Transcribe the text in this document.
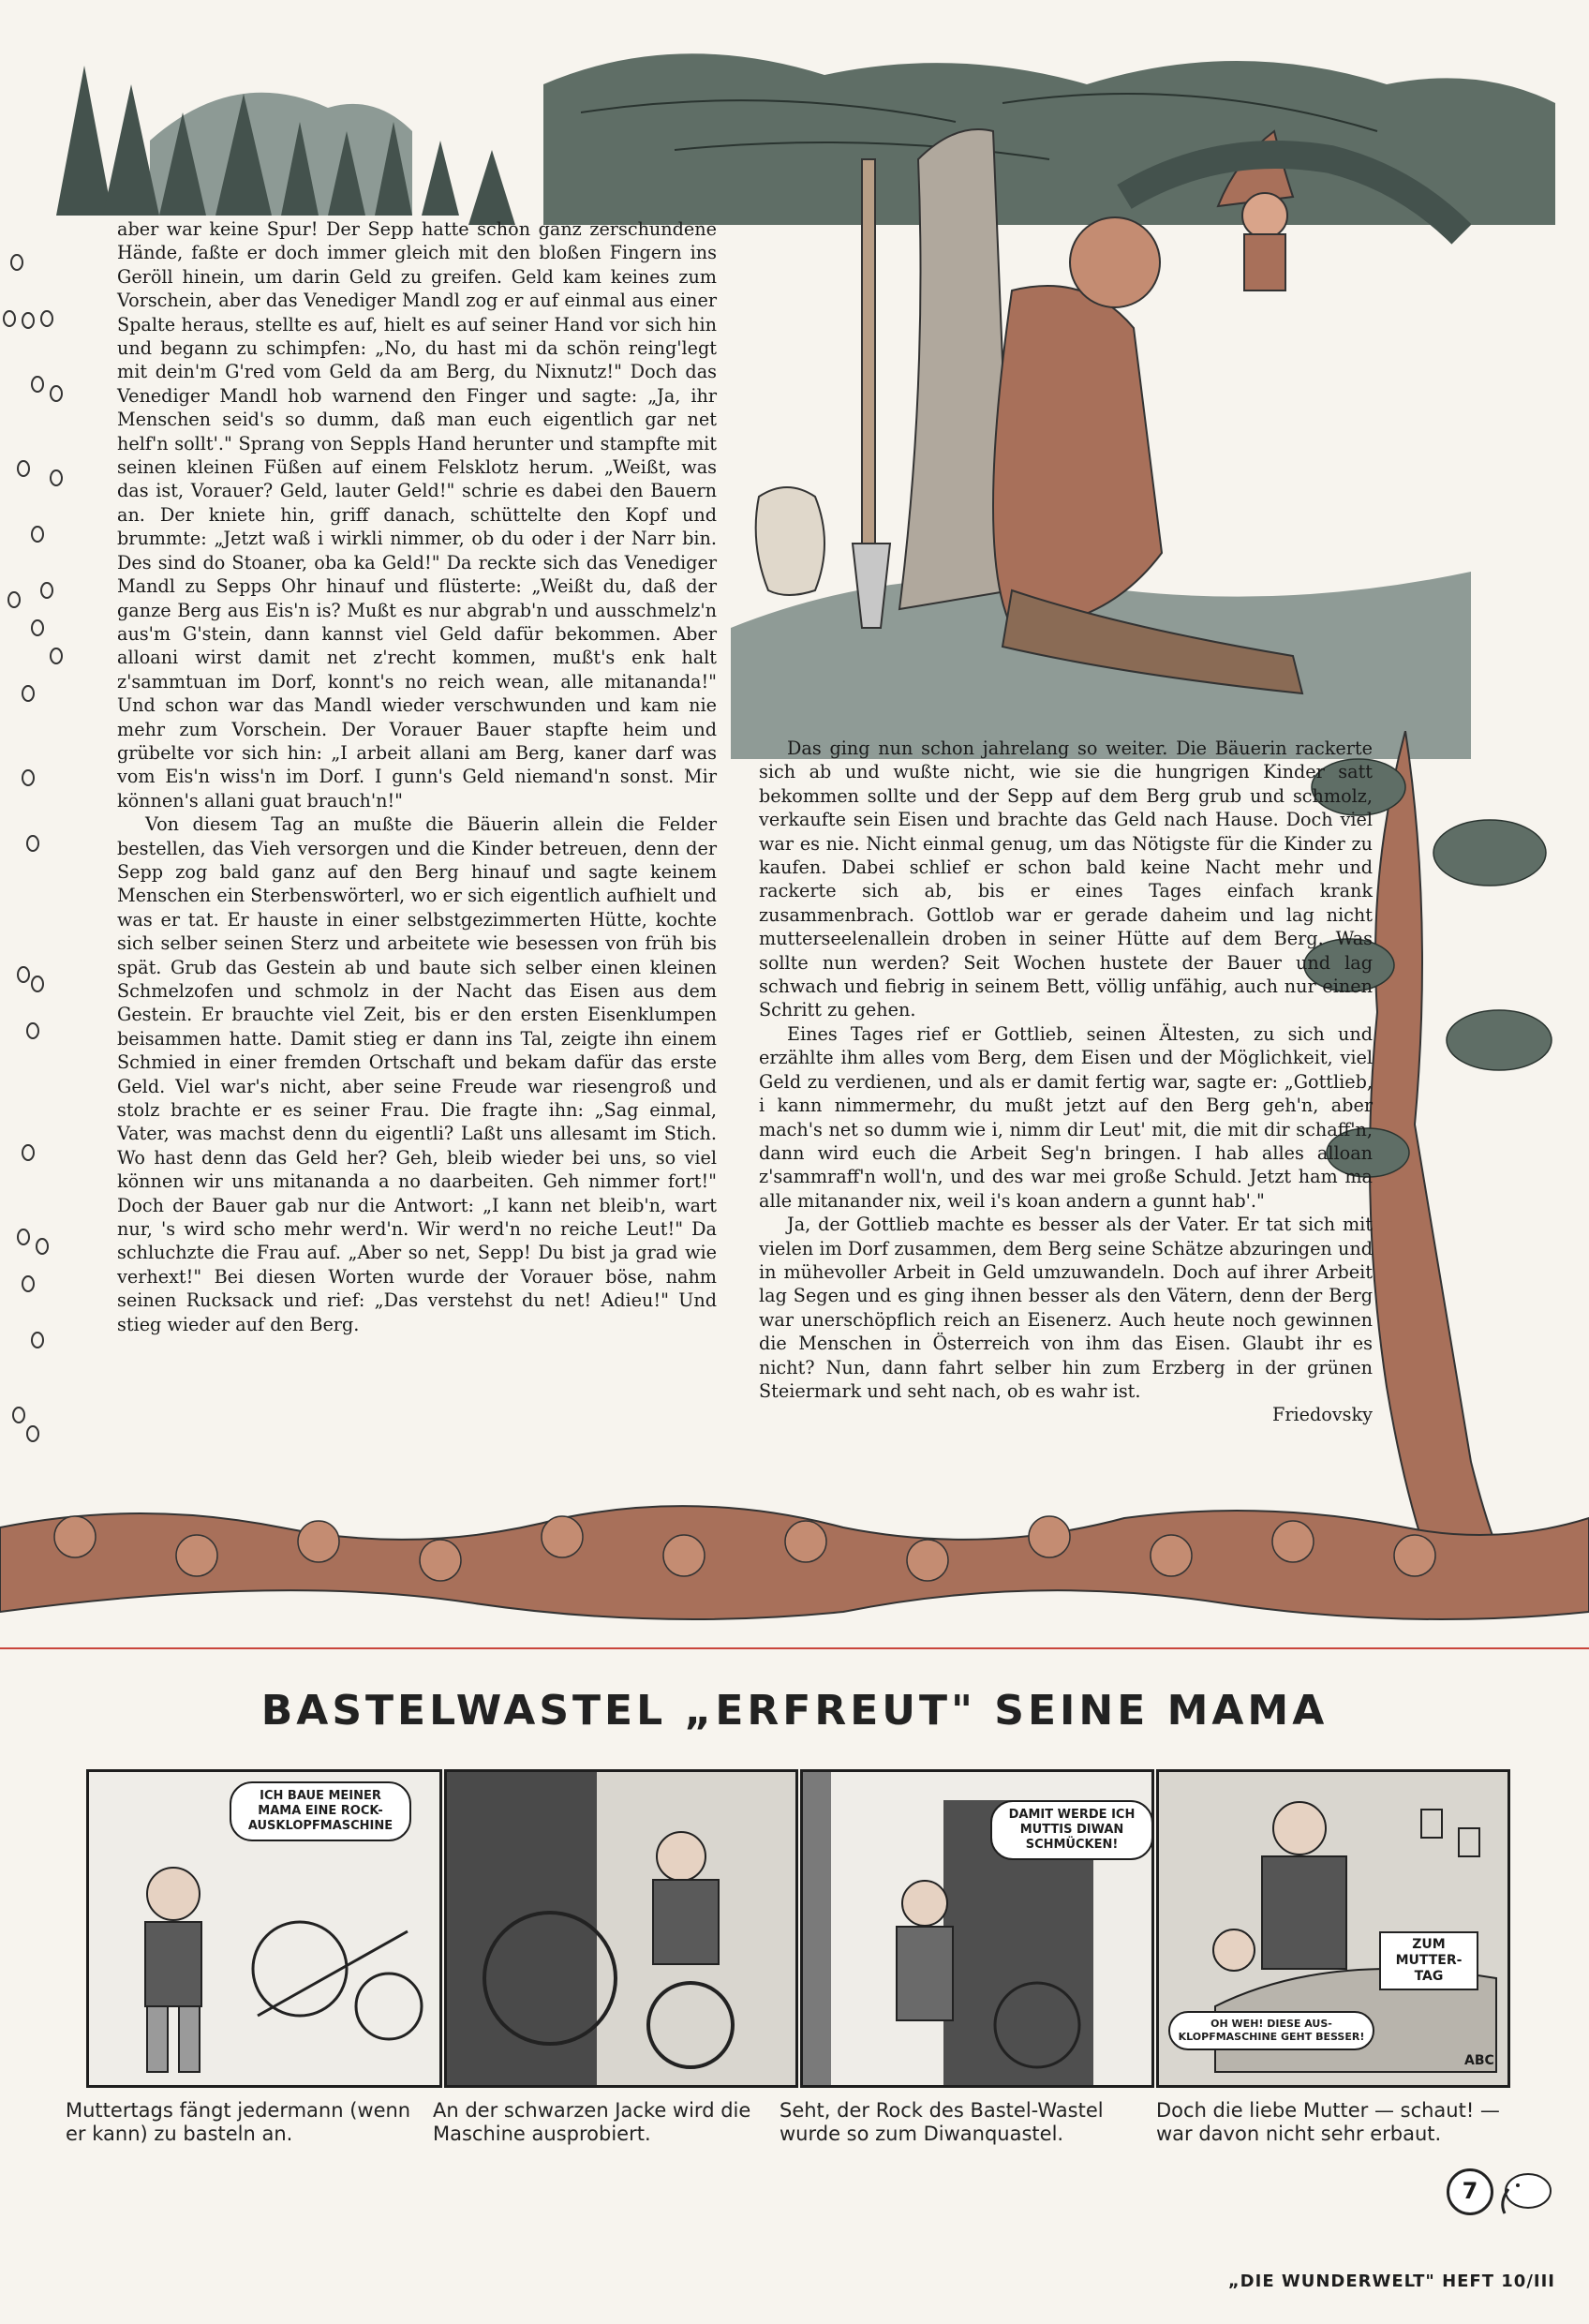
aber war keine Spur! Der Sepp hatte schon ganz zerschundene Hände, faßte er doch immer gleich mit den bloßen Fingern ins Geröll hinein, um darin Geld zu greifen. Geld kam keines zum Vorschein, aber das Venediger Mandl zog er auf einmal aus einer Spalte heraus, stellte es auf, hielt es auf seiner Hand vor sich hin und begann zu schimpfen: „No, du hast mi da schön reing'legt mit dein'm G'red vom Geld da am Berg, du Nixnutz!" Doch das Venediger Mandl hob warnend den Finger und sagte: „Ja, ihr Menschen seid's so dumm, daß man euch eigentlich gar net helf'n sollt'." Sprang von Seppls Hand herunter und stampfte mit seinen kleinen Füßen auf einem Felsklotz herum. „Weißt, was das ist, Vorauer? Geld, lauter Geld!" schrie es dabei den Bauern an. Der kniete hin, griff danach, schüttelte den Kopf und brummte: „Jetzt waß i wirkli nimmer, ob du oder i der Narr bin. Des sind do Stoaner, oba ka Geld!" Da reckte sich das Venediger Mandl zu Sepps Ohr hinauf und flüsterte: „Weißt du, daß der ganze Berg aus Eis'n is? Mußt es nur abgrab'n und ausschmelz'n aus'm G'stein, dann kannst viel Geld dafür bekommen. Aber alloani wirst damit net z'recht kommen, mußt's enk halt z'sammtuan im Dorf, konnt's no reich wean, alle mitananda!" Und schon war das Mandl wieder verschwunden und kam nie mehr zum Vorschein. Der Vorauer Bauer stapfte heim und grübelte vor sich hin: „I arbeit allani am Berg, kaner darf was vom Eis'n wiss'n im Dorf. I gunn's Geld niemand'n sonst. Mir können's allani guat brauch'n!"

Von diesem Tag an mußte die Bäuerin allein die Felder bestellen, das Vieh versorgen und die Kinder betreuen, denn der Sepp zog bald ganz auf den Berg hinauf und sagte keinem Menschen ein Sterbenswörterl, wo er sich eigentlich aufhielt und was er tat. Er hauste in einer selbstgezimmerten Hütte, kochte sich selber seinen Sterz und arbeitete wie besessen von früh bis spät. Grub das Gestein ab und baute sich selber einen kleinen Schmelzofen und schmolz in der Nacht das Eisen aus dem Gestein. Er brauchte viel Zeit, bis er den ersten Eisenklumpen beisammen hatte. Damit stieg er dann ins Tal, zeigte ihn einem Schmied in einer fremden Ortschaft und bekam dafür das erste Geld. Viel war's nicht, aber seine Freude war riesengroß und stolz brachte er es seiner Frau. Die fragte ihn: „Sag einmal, Vater, was machst denn du eigentli? Laßt uns allesamt im Stich. Wo hast denn das Geld her? Geh, bleib wieder bei uns, so viel können wir uns mitananda a no daarbeiten. Geh nimmer fort!" Doch der Bauer gab nur die Antwort: „I kann net bleib'n, wart nur, 's wird scho mehr werd'n. Wir werd'n no reiche Leut!" Da schluchzte die Frau auf. „Aber so net, Sepp! Du bist ja grad wie verhext!" Bei diesen Worten wurde der Vorauer böse, nahm seinen Rucksack und rief: „Das verstehst du net! Adieu!" Und stieg wieder auf den Berg.

Das ging nun schon jahrelang so weiter. Die Bäuerin rackerte sich ab und wußte nicht, wie sie die hungrigen Kinder satt bekommen sollte und der Sepp auf dem Berg grub und schmolz, verkaufte sein Eisen und brachte das Geld nach Hause. Doch viel war es nie. Nicht einmal genug, um das Nötigste für die Kinder zu kaufen. Dabei schlief er schon bald keine Nacht mehr und rackerte sich ab, bis er eines Tages einfach krank zusammenbrach. Gottlob war er gerade daheim und lag nicht mutterseelenallein droben in seiner Hütte auf dem Berg. Was sollte nun werden? Seit Wochen hustete der Bauer und lag schwach und fiebrig in seinem Bett, völlig unfähig, auch nur einen Schritt zu gehen.

Eines Tages rief er Gottlieb, seinen Ältesten, zu sich und erzählte ihm alles vom Berg, dem Eisen und der Möglichkeit, viel Geld zu verdienen, und als er damit fertig war, sagte er: „Gottlieb, i kann nimmermehr, du mußt jetzt auf den Berg geh'n, aber mach's net so dumm wie i, nimm dir Leut' mit, die mit dir schaff'n, dann wird euch die Arbeit Seg'n bringen. I hab alles alloan z'sammraff'n woll'n, und des war mei große Schuld. Jetzt ham ma alle mitanander nix, weil i's koan andern a gunnt hab'."

Ja, der Gottlieb machte es besser als der Vater. Er tat sich mit vielen im Dorf zusammen, dem Berg seine Schätze abzuringen und in mühevoller Arbeit in Geld umzuwandeln. Doch auf ihrer Arbeit lag Segen und es ging ihnen besser als den Vätern, denn der Berg war unerschöpflich reich an Eisenerz. Auch heute noch gewinnen die Menschen in Österreich von ihm das Eisen. Glaubt ihr es nicht? Nun, dann fahrt selber hin zum Erzberg in der grünen Steiermark und seht nach, ob es wahr ist.

Friedovsky

BASTELWASTEL „ERFREUT" SEINE MAMA
ICH BAUE MEINER MAMA EINE ROCK-AUSKLOPFMASCHINE
DAMIT WERDE ICH MUTTIS DIWAN SCHMÜCKEN!
ZUM MUTTER-TAG
OH WEH! DIESE AUS-KLOPFMASCHINE GEHT BESSER!
ABC
Muttertags fängt jedermann (wenn er kann) zu basteln an.
An der schwarzen Jacke wird die Maschine ausprobiert.
Seht, der Rock des Bastel-Wastel wurde so zum Diwanquastel.
Doch die liebe Mutter — schaut! — war davon nicht sehr erbaut.
7
„DIE WUNDERWELT" HEFT 10/III
